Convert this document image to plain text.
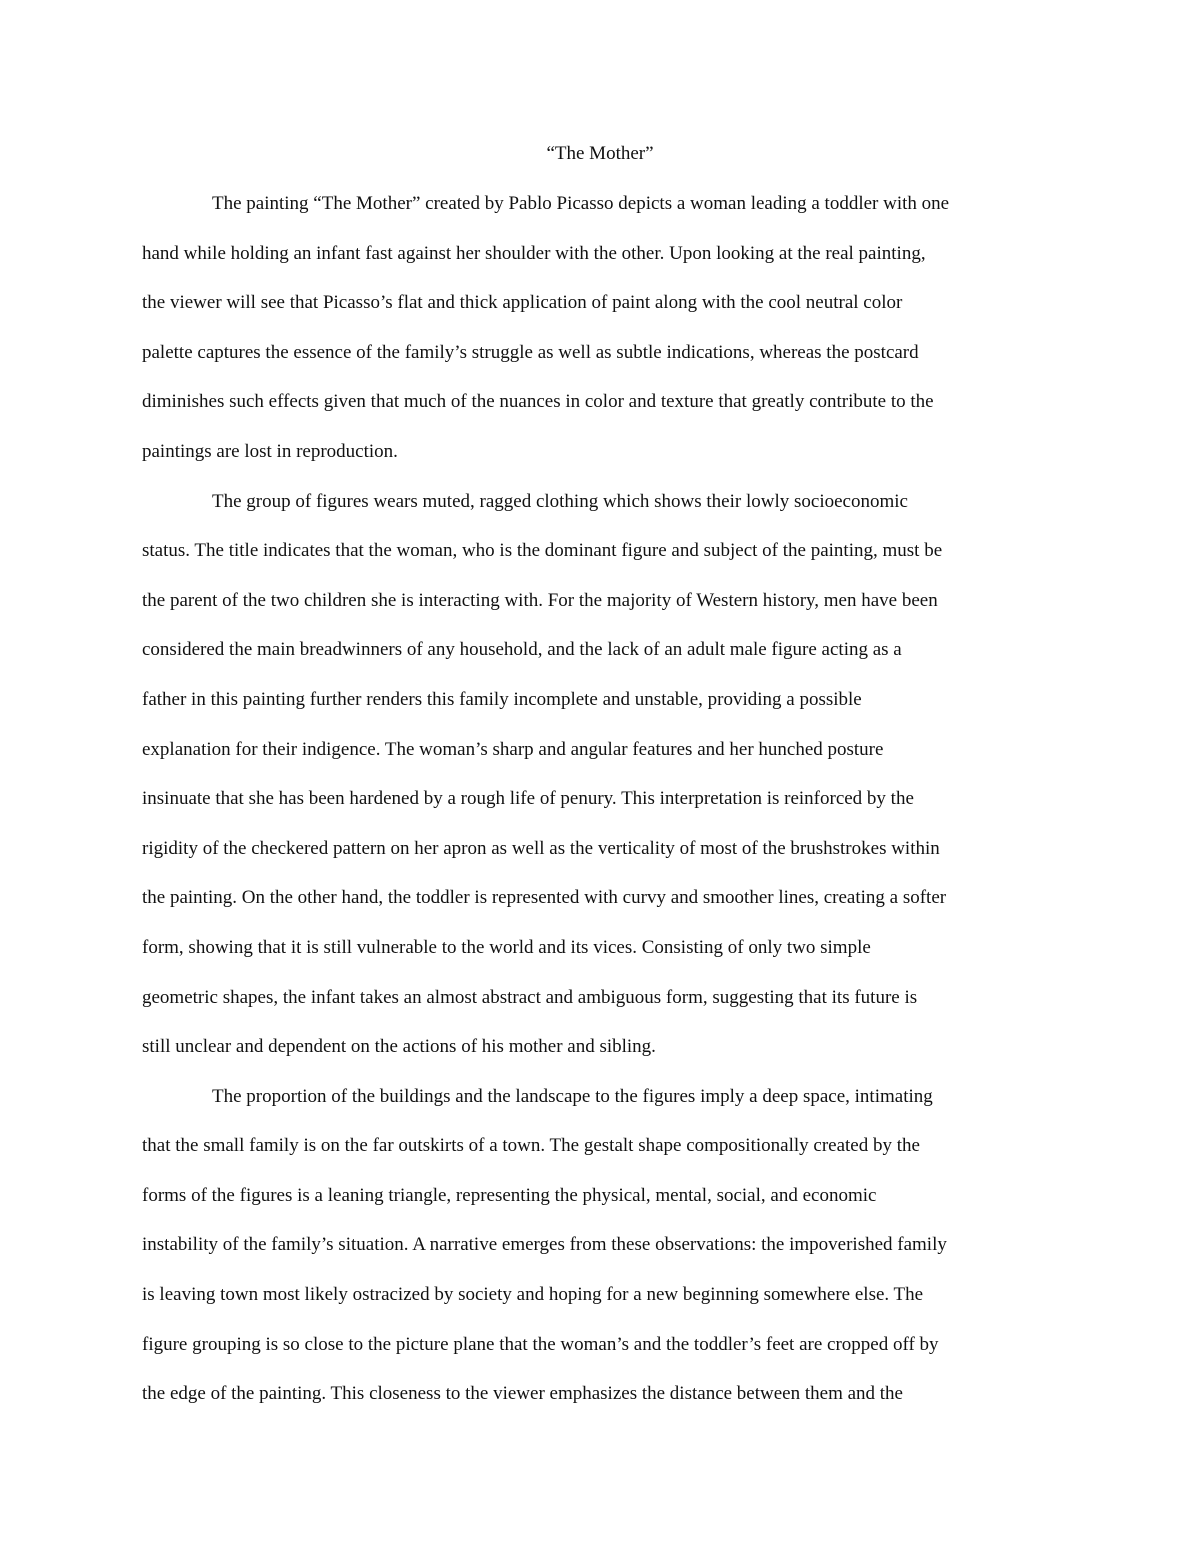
“The Mother”
The painting “The Mother” created by Pablo Picasso depicts a woman leading a toddler with one
hand while holding an infant fast against her shoulder with the other. Upon looking at the real painting,
the viewer will see that Picasso’s flat and thick application of paint along with the cool neutral color
palette captures the essence of the family’s struggle as well as subtle indications, whereas the postcard
diminishes such effects given that much of the nuances in color and texture that greatly contribute to the
paintings are lost in reproduction.
The group of figures wears muted, ragged clothing which shows their lowly socioeconomic
status. The title indicates that the woman, who is the dominant figure and subject of the painting, must be
the parent of the two children she is interacting with. For the majority of Western history, men have been
considered the main breadwinners of any household, and the lack of an adult male figure acting as a
father in this painting further renders this family incomplete and unstable, providing a possible
explanation for their indigence. The woman’s sharp and angular features and her hunched posture
insinuate that she has been hardened by a rough life of penury. This interpretation is reinforced by the
rigidity of the checkered pattern on her apron as well as the verticality of most of the brushstrokes within
the painting. On the other hand, the toddler is represented with curvy and smoother lines, creating a softer
form, showing that it is still vulnerable to the world and its vices. Consisting of only two simple
geometric shapes, the infant takes an almost abstract and ambiguous form, suggesting that its future is
still unclear and dependent on the actions of his mother and sibling.
The proportion of the buildings and the landscape to the figures imply a deep space, intimating
that the small family is on the far outskirts of a town. The gestalt shape compositionally created by the
forms of the figures is a leaning triangle, representing the physical, mental, social, and economic
instability of the family’s situation. A narrative emerges from these observations: the impoverished family
is leaving town most likely ostracized by society and hoping for a new beginning somewhere else. The
figure grouping is so close to the picture plane that the woman’s and the toddler’s feet are cropped off by
the edge of the painting. This closeness to the viewer emphasizes the distance between them and the
